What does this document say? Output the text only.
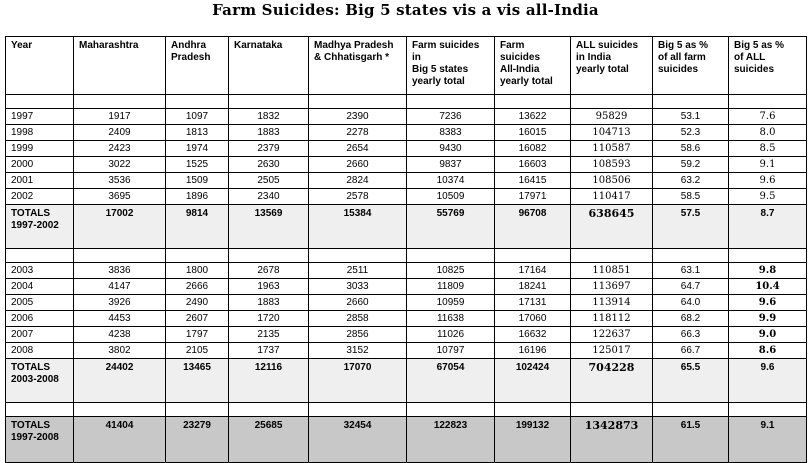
Farm Suicides: Big 5 states vis a vis all-India
Year	Maharashtra	Andhra
Pradesh	Karnataka	Madhya Pradesh
& Chhatisgarh *	Farm suicides
in
Big 5 states
yearly total	Farm
suicides
All-India
yearly total	ALL suicides
in India
yearly total	Big 5 as %
of all farm
suicides	Big 5 as %
of ALL
suicides

1997	1917	1097	1832	2390	7236	13622	95829	53.1	7.6
1998	2409	1813	1883	2278	8383	16015	104713	52.3	8.0
1999	2423	1974	2379	2654	9430	16082	110587	58.6	8.5
2000	3022	1525	2630	2660	9837	16603	108593	59.2	9.1
2001	3536	1509	2505	2824	10374	16415	108506	63.2	9.6
2002	3695	1896	2340	2578	10509	17971	110417	58.5	9.5
TOTALS
1997-2002	17002	9814	13569	15384	55769	96708	638645	57.5	8.7

2003	3836	1800	2678	2511	10825	17164	110851	63.1	9.8
2004	4147	2666	1963	3033	11809	18241	113697	64.7	10.4
2005	3926	2490	1883	2660	10959	17131	113914	64.0	9.6
2006	4453	2607	1720	2858	11638	17060	118112	68.2	9.9
2007	4238	1797	2135	2856	11026	16632	122637	66.3	9.0
2008	3802	2105	1737	3152	10797	16196	125017	66.7	8.6
TOTALS
2003-2008	24402	13465	12116	17070	67054	102424	704228	65.5	9.6

TOTALS
1997-2008	41404	23279	25685	32454	122823	199132	1342873	61.5	9.1
